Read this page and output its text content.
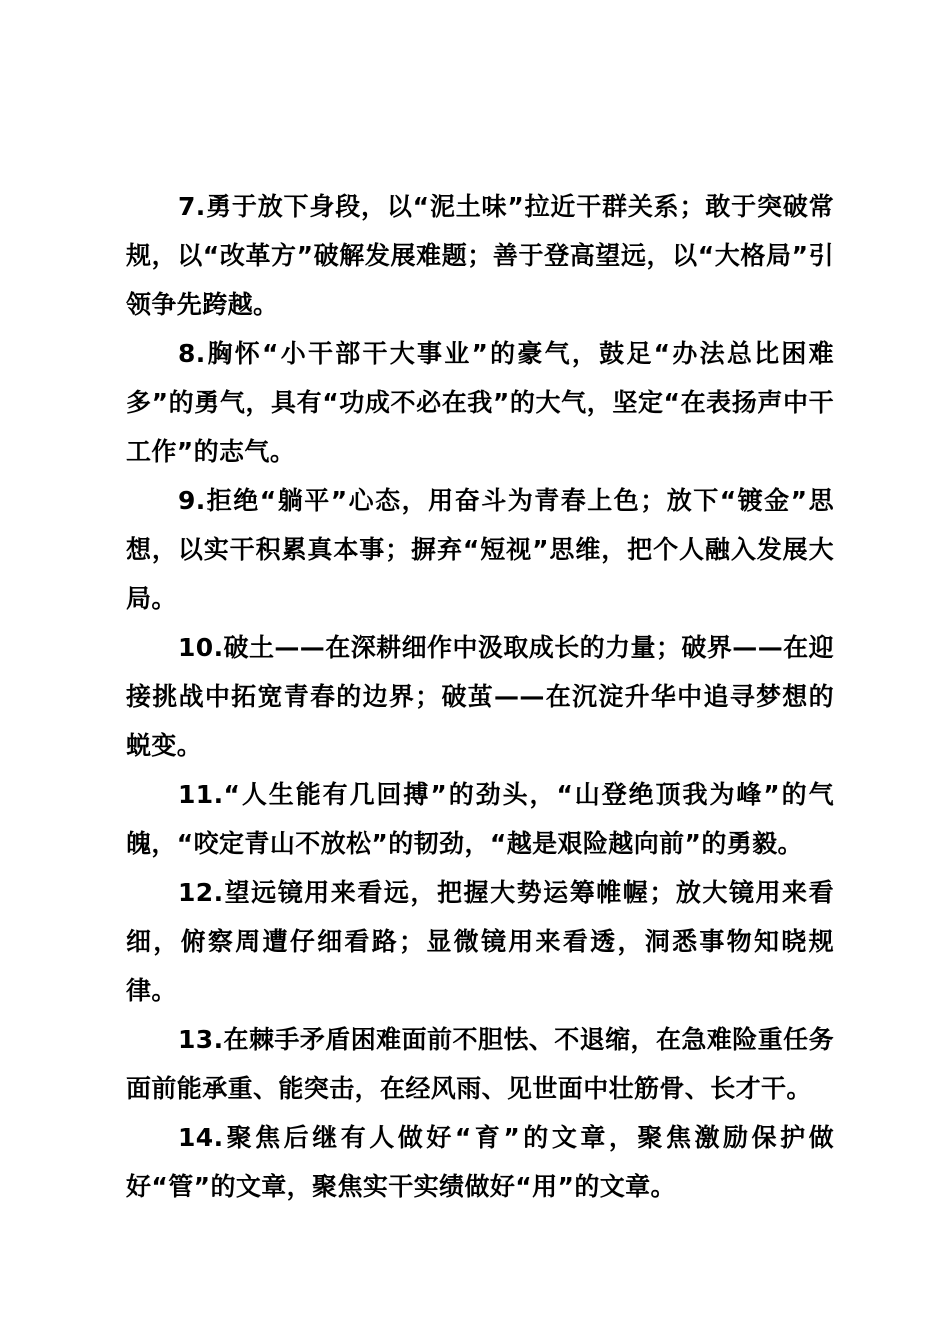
7.勇于放下身段，以“泥土味”拉近干群关系；敢于突破常规，以“改革方”破解发展难题；善于登高望远，以“大格局”引领争先跨越。

8.胸怀“小干部干大事业”的豪气，鼓足“办法总比困难多”的勇气，具有“功成不必在我”的大气，坚定“在表扬声中干工作”的志气。

9.拒绝“躺平”心态，用奋斗为青春上色；放下“镀金”思想，以实干积累真本事；摒弃“短视”思维，把个人融入发展大局。

10.破土——在深耕细作中汲取成长的力量；破界——在迎接挑战中拓宽青春的边界；破茧——在沉淀升华中追寻梦想的蜕变。

11.“人生能有几回搏”的劲头，“山登绝顶我为峰”的气魄，“咬定青山不放松”的韧劲，“越是艰险越向前”的勇毅。

12.望远镜用来看远，把握大势运筹帷幄；放大镜用来看细，俯察周遭仔细看路；显微镜用来看透，洞悉事物知晓规律。

13.在棘手矛盾困难面前不胆怯、不退缩，在急难险重任务面前能承重、能突击，在经风雨、见世面中壮筋骨、长才干。

14.聚焦后继有人做好“育”的文章，聚焦激励保护做好“管”的文章，聚焦实干实绩做好“用”的文章。
